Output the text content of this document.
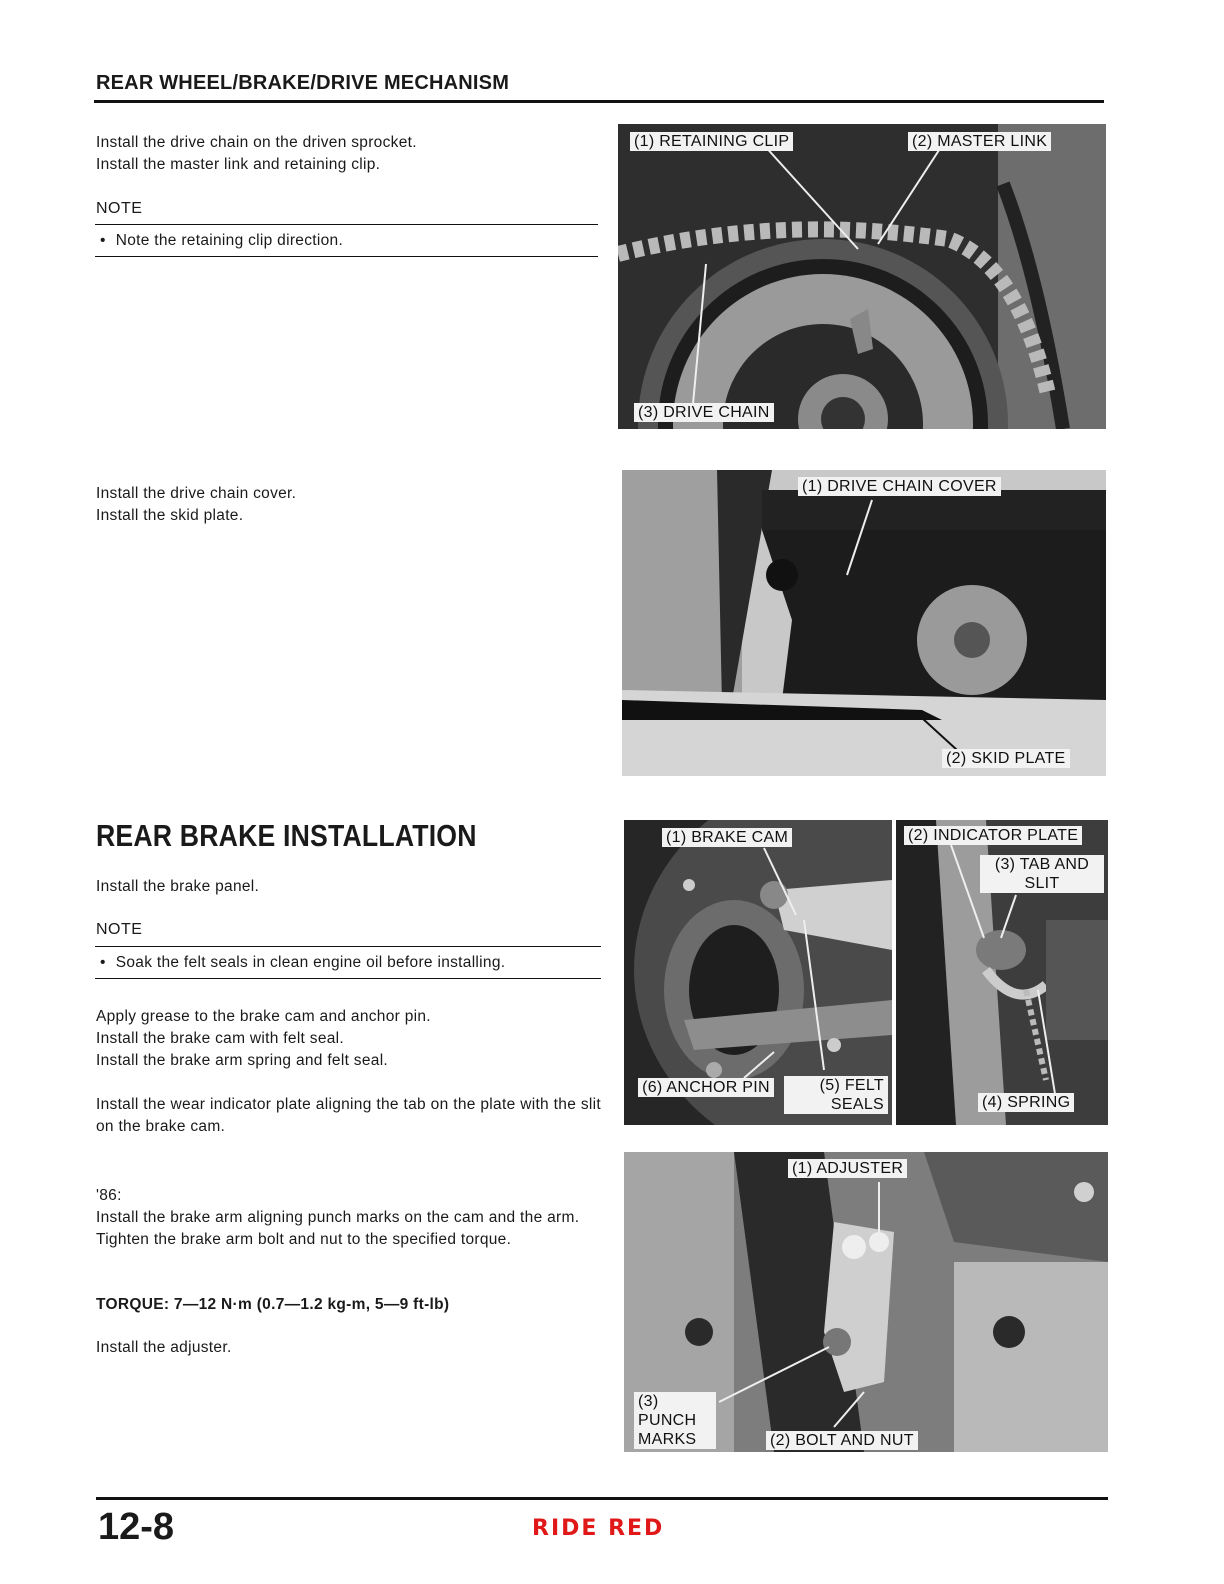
REAR WHEEL/BRAKE/DRIVE MECHANISM
Install the drive chain on the driven sprocket.
Install the master link and retaining clip.
NOTE
• Note the retaining clip direction.
(1) RETAINING CLIP	(2) MASTER LINK
(3) DRIVE CHAIN
Install the drive chain cover.
Install the skid plate.
(1) DRIVE CHAIN COVER
(2) SKID PLATE
REAR BRAKE INSTALLATION
Install the brake panel.
NOTE
• Soak the felt seals in clean engine oil before installing.
Apply grease to the brake cam and anchor pin.
Install the brake cam with felt seal.
Install the brake arm spring and felt seal.
Install the wear indicator plate aligning the tab on the plate with the slit on the brake cam.
'86:
Install the brake arm aligning punch marks on the cam and the arm.
Tighten the brake arm bolt and nut to the specified torque.
TORQUE: 7—12 N·m (0.7—1.2 kg-m, 5—9 ft-lb)
Install the adjuster.
(1) BRAKE CAM
(6) ANCHOR PIN	(5) FELT SEALS
(2) INDICATOR PLATE
(3) TAB AND SLIT
(4) SPRING
(1) ADJUSTER
(3) PUNCH MARKS	(2) BOLT AND NUT
12-8	RIDE RED
